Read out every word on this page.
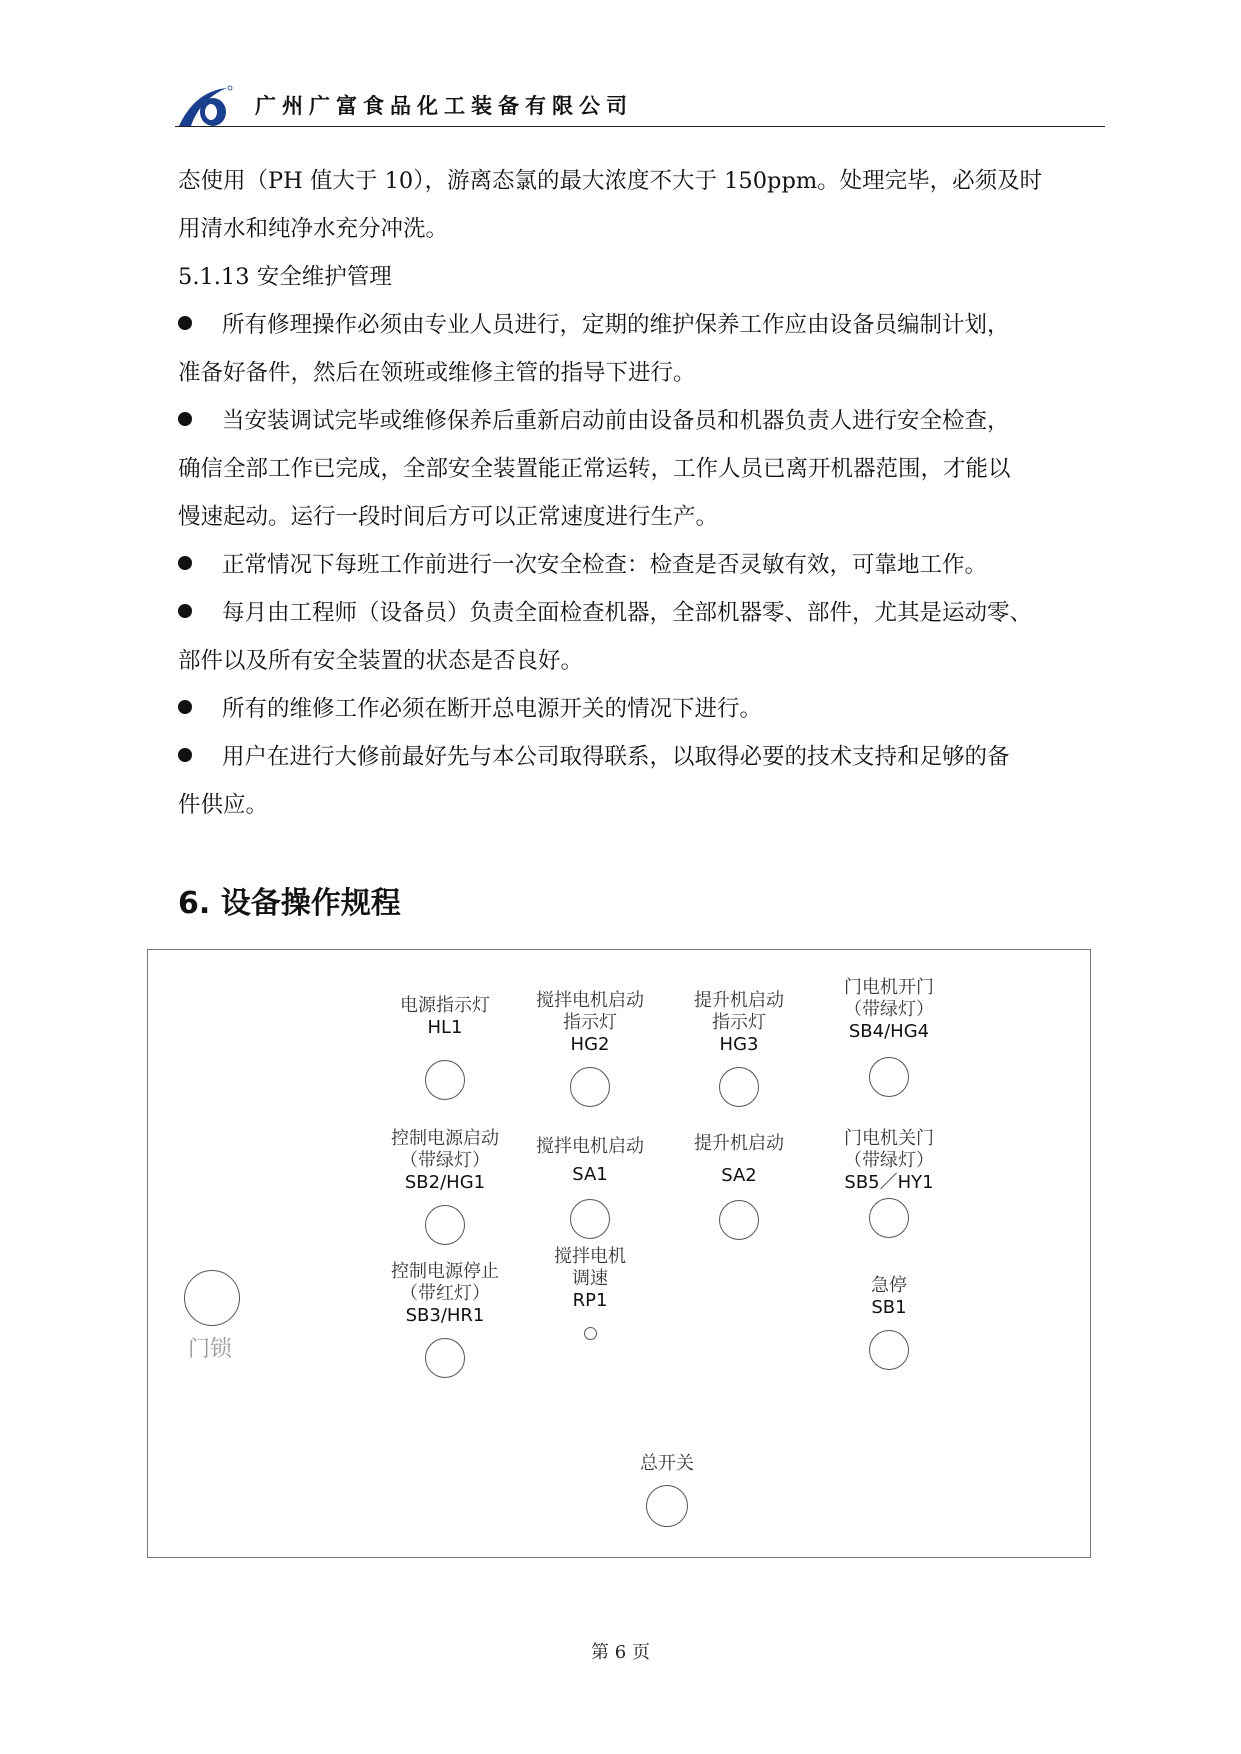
广州广富食品化工装备有限公司

态使用（PH 值大于 10），游离态氯的最大浓度不大于 150ppm。处理完毕，必须及时

用清水和纯净水充分冲洗。

5.1.13 安全维护管理

所有修理操作必须由专业人员进行，定期的维护保养工作应由设备员编制计划，

准备好备件，然后在领班或维修主管的指导下进行。

当安装调试完毕或维修保养后重新启动前由设备员和机器负责人进行安全检查，

确信全部工作已完成，全部安全装置能正常运转，工作人员已离开机器范围，才能以

慢速起动。运行一段时间后方可以正常速度进行生产。

正常情况下每班工作前进行一次安全检查：检查是否灵敏有效，可靠地工作。

每月由工程师（设备员）负责全面检查机器，全部机器零、部件，尤其是运动零、

部件以及所有安全装置的状态是否良好。

所有的维修工作必须在断开总电源开关的情况下进行。

用户在进行大修前最好先与本公司取得联系，以取得必要的技术支持和足够的备

件供应。

6. 设备操作规程
电源指示灯
HL1
搅拌电机启动
指示灯
HG2
提升机启动
指示灯
HG3
门电机开门
（带绿灯）
SB4/HG4
控制电源启动
（带绿灯）
SB2/HG1
搅拌电机启动
SA1
提升机启动
SA2
门电机关门
（带绿灯）
SB5／HY1
控制电源停止
（带红灯）
SB3/HR1
搅拌电机
调速
RP1
急停
SB1
门锁
总开关
第 6 页
